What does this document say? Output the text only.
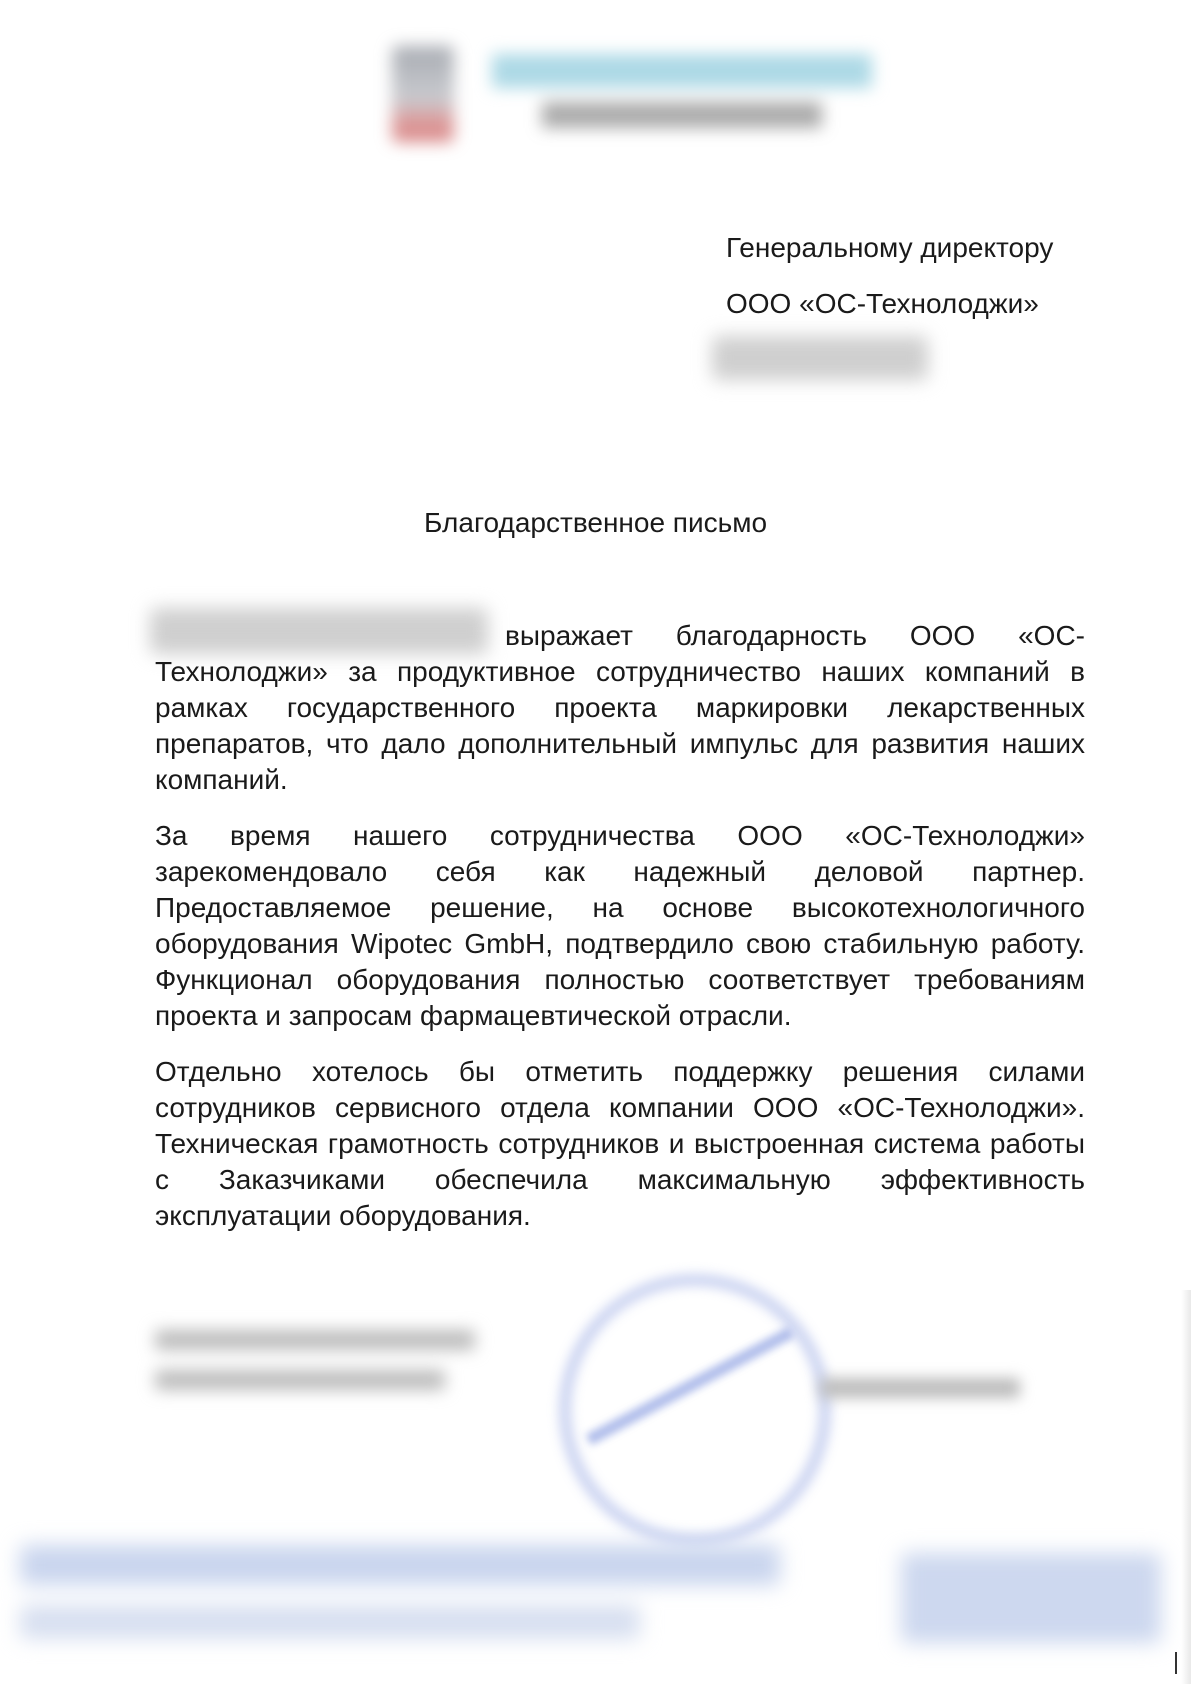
Генеральному директору
ООО «ОС-Технолоджи»
Благодарственное письмо

выражает благодарность ООО «ОС- Технолоджи» за продуктивное сотрудничество наших компаний в рамках государственного проекта маркировки лекарственных препаратов, что дало дополнительный импульс для развития наших компаний.

За время нашего сотрудничества ООО «ОС-Технолоджи» зарекомендовало себя как надежный деловой партнер. Предоставляемое решение, на основе высокотехнологичного оборудования Wipotec GmbH, подтвердило свою стабильную работу. Функционал оборудования полностью соответствует требованиям проекта и запросам фармацевтической отрасли.

Отдельно хотелось бы отметить поддержку решения силами сотрудников сервисного отдела компании ООО «ОС-Технолоджи». Техническая грамотность сотрудников и выстроенная система работы с Заказчиками обеспечила максимальную эффективность эксплуатации оборудования.
